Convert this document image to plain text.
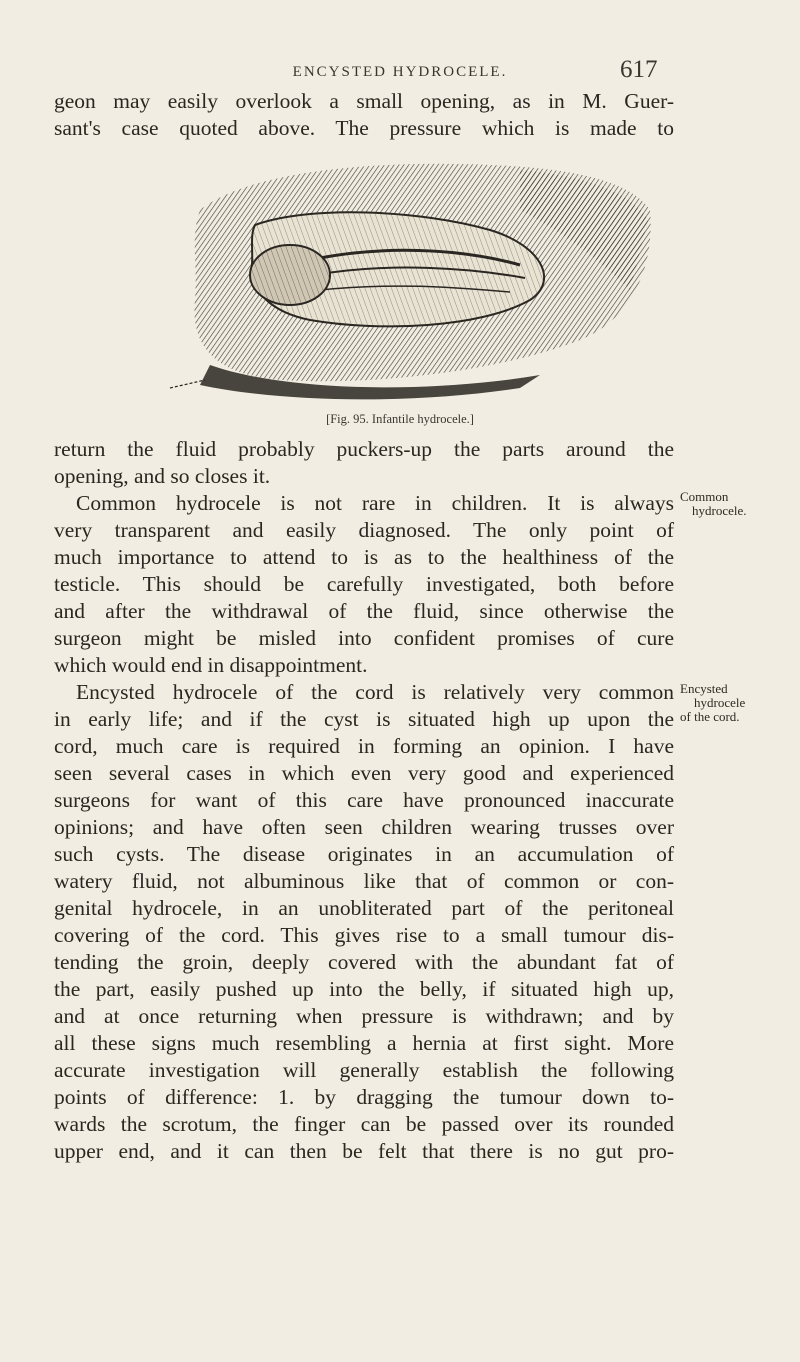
ENCYSTED HYDROCELE.	617
geon may easily overlook a small opening, as in M. Guer-
sant's case quoted above. The pressure which is made to
[Fig. 95. Infantile hydrocele.]
return the fluid probably puckers-up the parts around the
opening, and so closes it.
Common hydrocele is not rare in children. It is always
very transparent and easily diagnosed. The only point of
much importance to attend to is as to the healthiness of the
testicle. This should be carefully investigated, both before
and after the withdrawal of the fluid, since otherwise the
surgeon might be misled into confident promises of cure
which would end in disappointment.
Encysted hydrocele of the cord is relatively very common
in early life; and if the cyst is situated high up upon the
cord, much care is required in forming an opinion. I have
seen several cases in which even very good and experienced
surgeons for want of this care have pronounced inaccurate
opinions; and have often seen children wearing trusses over
such cysts. The disease originates in an accumulation of
watery fluid, not albuminous like that of common or con-
genital hydrocele, in an unobliterated part of the peritoneal
covering of the cord. This gives rise to a small tumour dis-
tending the groin, deeply covered with the abundant fat of
the part, easily pushed up into the belly, if situated high up,
and at once returning when pressure is withdrawn; and by
all these signs much resembling a hernia at first sight. More
accurate investigation will generally establish the following
points of difference: 1. by dragging the tumour down to-
wards the scrotum, the finger can be passed over its rounded
upper end, and it can then be felt that there is no gut pro-
Common
hydrocele.
Encysted
hydrocele
of the cord.
